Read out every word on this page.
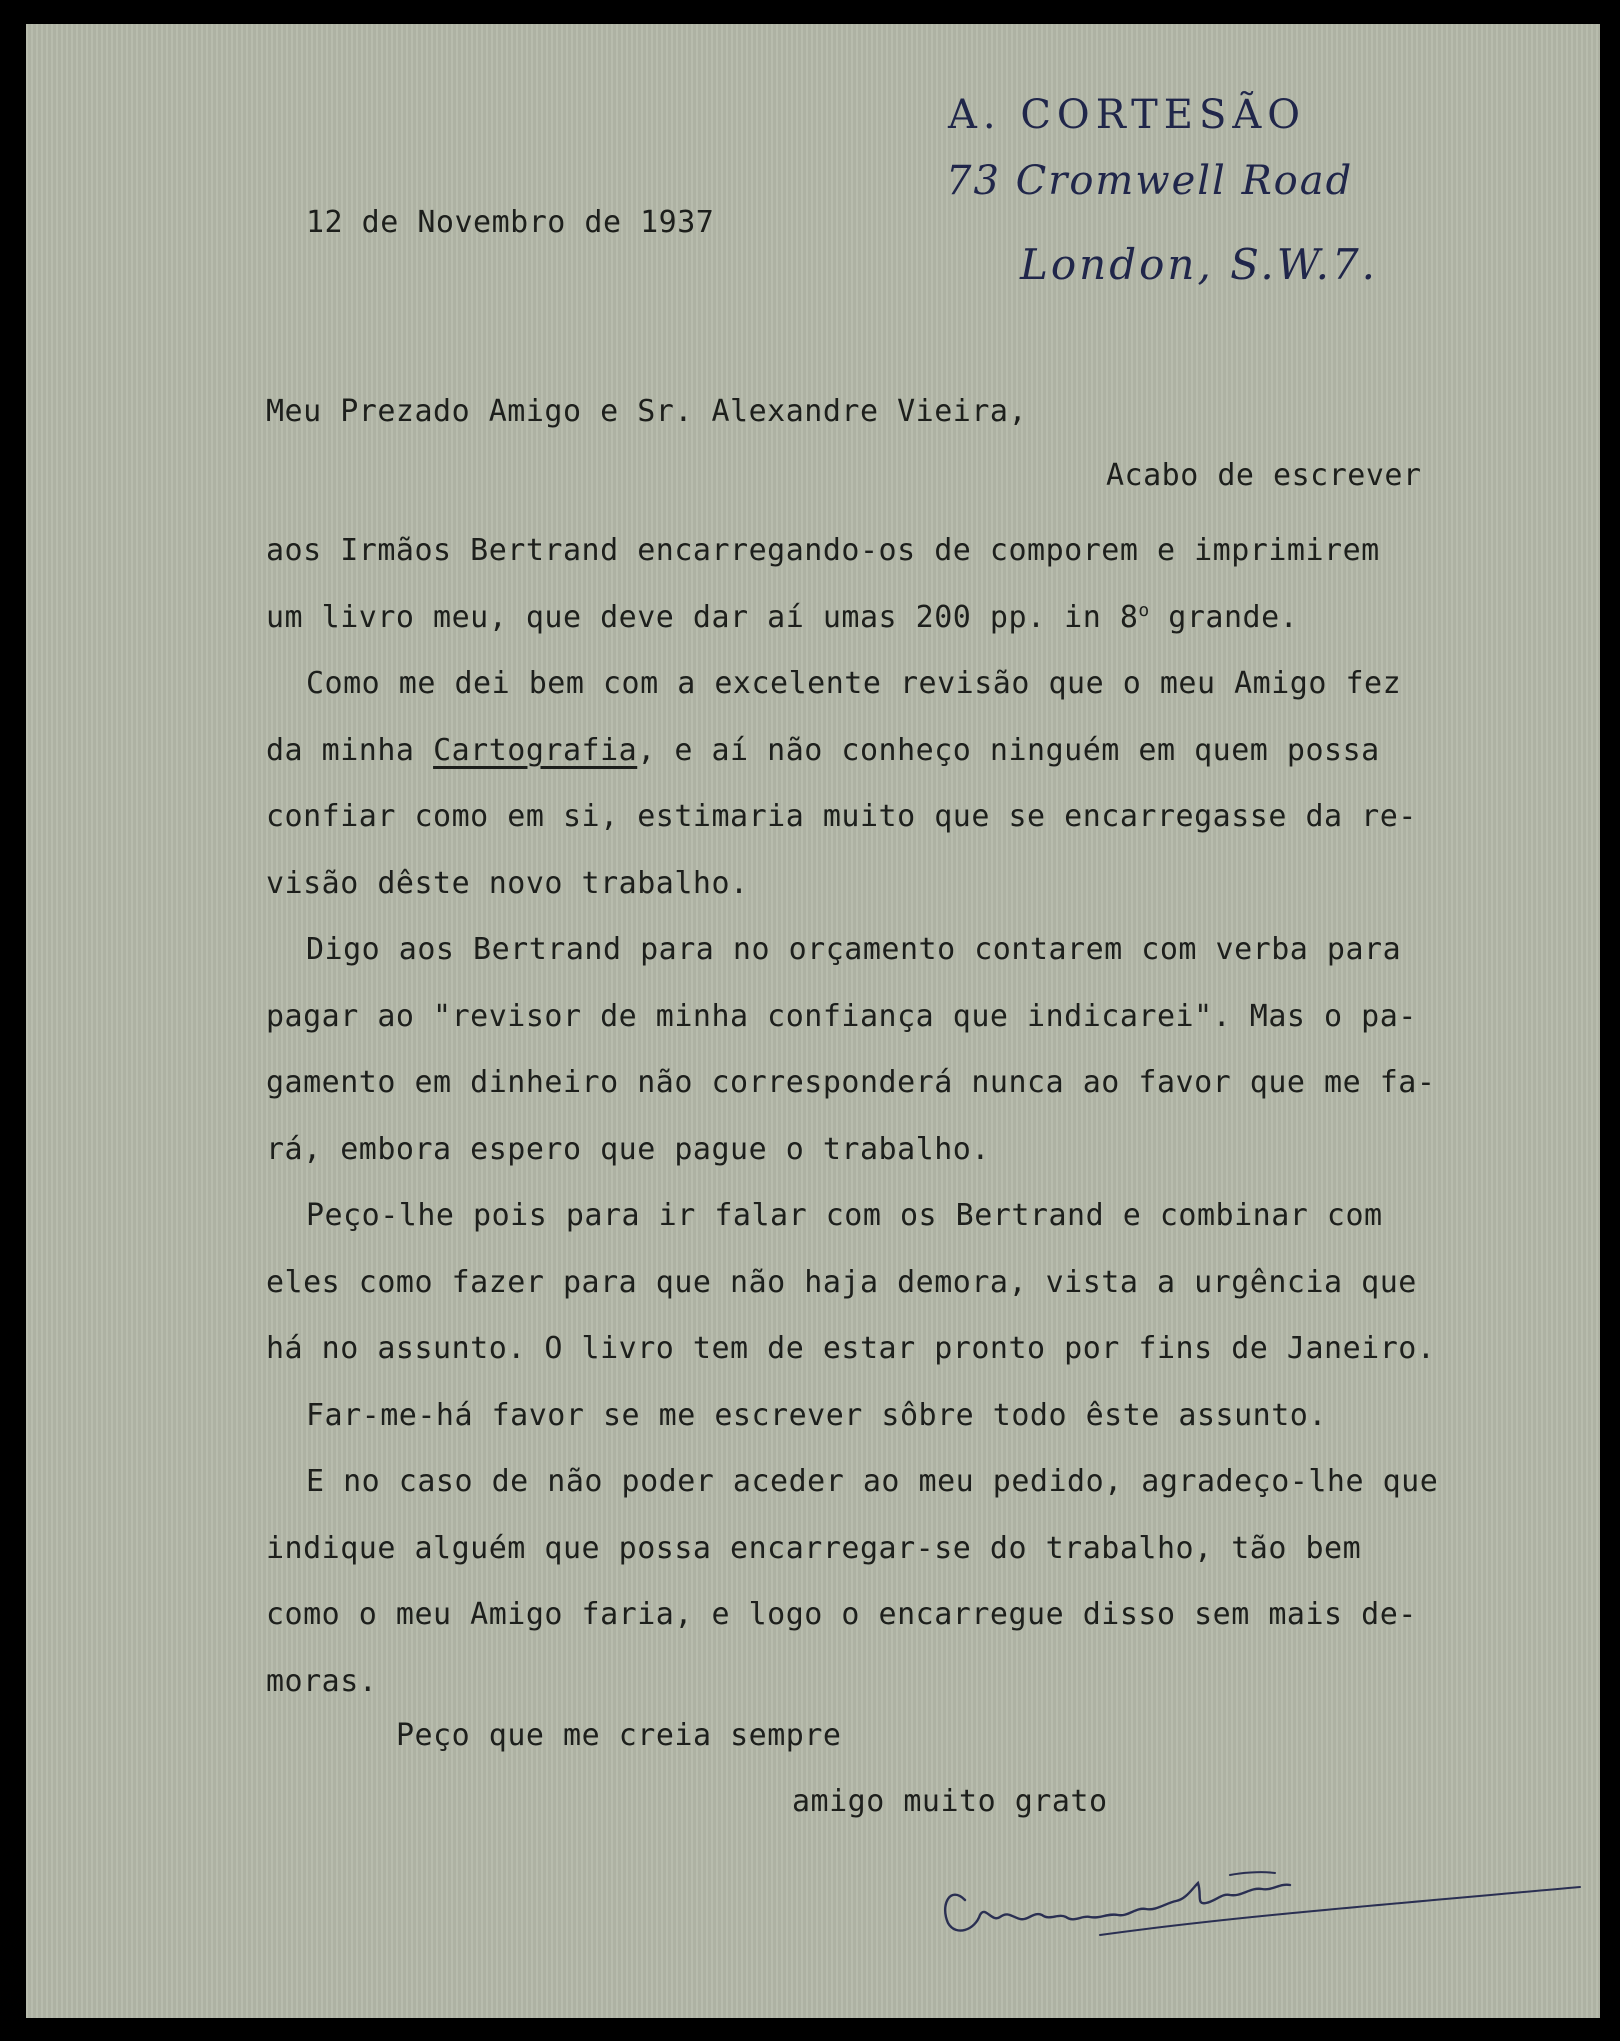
A. CORTESÃO
73 Cromwell Road
London, S.W.7.
12 de Novembro de 1937
Meu Prezado Amigo e Sr. Alexandre Vieira,
Acabo de escrever

aos Irmãos Bertrand encarregando-os de comporem e imprimirem

um livro meu, que deve dar aí umas 200 pp. in 8$^o$ grande.

Como me dei bem com a excelente revisão que o meu Amigo fez

da minha Cartografia, e aí não conheço ninguém em quem possa

confiar como em si, estimaria muito que se encarregasse da re-

visão dêste novo trabalho.

Digo aos Bertrand para no orçamento contarem com verba para

pagar ao "revisor de minha confiança que indicarei". Mas o pa-

gamento em dinheiro não corresponderá nunca ao favor que me fa-

rá, embora espero que pague o trabalho.

Peço-lhe pois para ir falar com os Bertrand e combinar com

eles como fazer para que não haja demora, vista a urgência que

há no assunto. O livro tem de estar pronto por fins de Janeiro.

Far-me-há favor se me escrever sôbre todo êste assunto.

E no caso de não poder aceder ao meu pedido, agradeço-lhe que

indique alguém que possa encarregar-se do trabalho, tão bem

como o meu Amigo faria, e logo o encarregue disso sem mais de-

moras.

Peço que me creia sempre
amigo muito grato
